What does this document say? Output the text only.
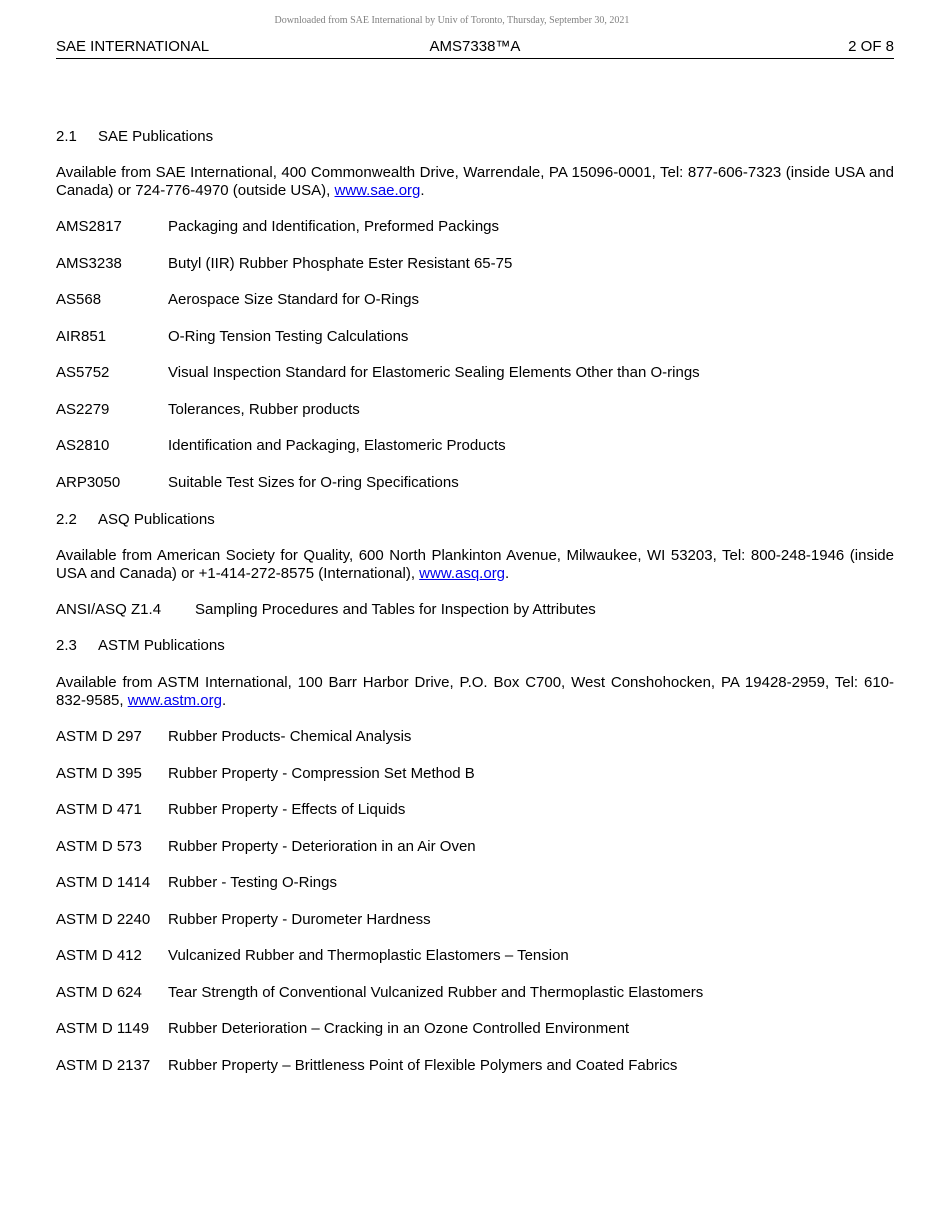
Downloaded from SAE International by Univ of Toronto, Thursday, September 30, 2021
SAE INTERNATIONAL	AMS7338™A	2 OF 8
2.1	SAE Publications
Available from SAE International, 400 Commonwealth Drive, Warrendale, PA 15096-0001, Tel: 877-606-7323 (inside USA and Canada) or 724-776-4970 (outside USA), www.sae.org.
AMS2817	Packaging and Identification, Preformed Packings
AMS3238	Butyl (IIR) Rubber Phosphate Ester Resistant 65-75
AS568	Aerospace Size Standard for O-Rings
AIR851	O-Ring Tension Testing Calculations
AS5752	Visual Inspection Standard for Elastomeric Sealing Elements Other than O-rings
AS2279	Tolerances, Rubber products
AS2810	Identification and Packaging, Elastomeric Products
ARP3050	Suitable Test Sizes for O-ring Specifications
2.2	ASQ Publications
Available from American Society for Quality, 600 North Plankinton Avenue, Milwaukee, WI 53203, Tel: 800-248-1946 (inside USA and Canada) or +1-414-272-8575 (International), www.asq.org.
ANSI/ASQ Z1.4	Sampling Procedures and Tables for Inspection by Attributes
2.3	ASTM Publications
Available from ASTM International, 100 Barr Harbor Drive, P.O. Box C700, West Conshohocken, PA 19428-2959, Tel: 610-832-9585, www.astm.org.
ASTM D 297	Rubber Products- Chemical Analysis
ASTM D 395	Rubber Property - Compression Set Method B
ASTM D 471	Rubber Property - Effects of Liquids
ASTM D 573	Rubber Property - Deterioration in an Air Oven
ASTM D 1414	Rubber - Testing O-Rings
ASTM D 2240	Rubber Property - Durometer Hardness
ASTM D 412	Vulcanized Rubber and Thermoplastic Elastomers – Tension
ASTM D 624	Tear Strength of Conventional Vulcanized Rubber and Thermoplastic Elastomers
ASTM D 1149	Rubber Deterioration – Cracking in an Ozone Controlled Environment
ASTM D 2137	Rubber Property – Brittleness Point of Flexible Polymers and Coated Fabrics
